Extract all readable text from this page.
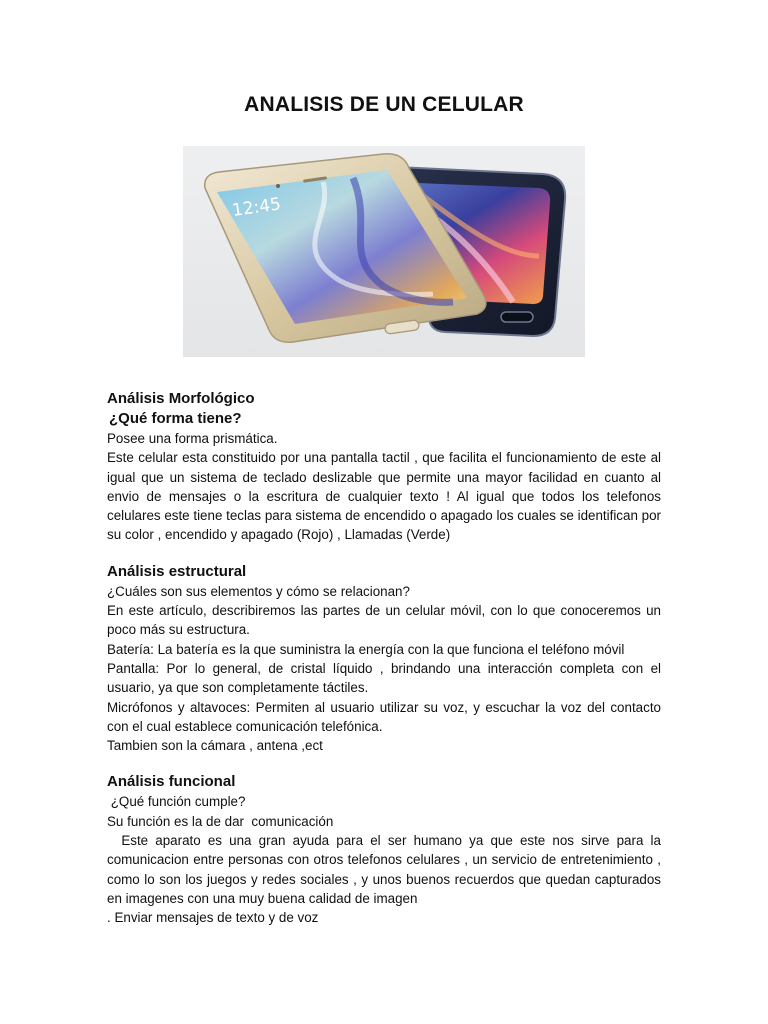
ANALISIS DE UN CELULAR
12:45

Análisis Morfológico

¿Qué forma tiene?

Posee una forma prismática.

Este celular esta constituido por una pantalla tactil , que facilita el funcionamiento de este al igual que un sistema de teclado deslizable que permite una mayor facilidad en cuanto al envio de mensajes o la escritura de cualquier texto ! Al igual que todos los telefonos celulares este tiene teclas para sistema de encendido o apagado los cuales se identifican por su color , encendido y apagado (Rojo) , Llamadas (Verde)

Análisis estructural

¿Cuáles son sus elementos y cómo se relacionan?

En este artículo, describiremos las partes de un celular móvil, con lo que conoceremos un poco más su estructura.

Batería: La batería es la que suministra la energía con la que funciona el teléfono móvil

Pantalla: Por lo general, de cristal líquido , brindando una interacción completa con el usuario, ya que son completamente táctiles.

Micrófonos y altavoces: Permiten al usuario utilizar su voz, y escuchar la voz del contacto con el cual establece comunicación telefónica.

Tambien son la cámara , antena ,ect

Análisis funcional

¿Qué función cumple?

Su función es la de dar  comunicación

Este aparato es una gran ayuda para el ser humano ya que este nos sirve para la comunicacion entre personas con otros telefonos celulares , un servicio de entretenimiento , como lo son los juegos y redes sociales , y unos buenos recuerdos que quedan capturados en imagenes con una muy buena calidad de imagen

. Enviar mensajes de texto y de voz
